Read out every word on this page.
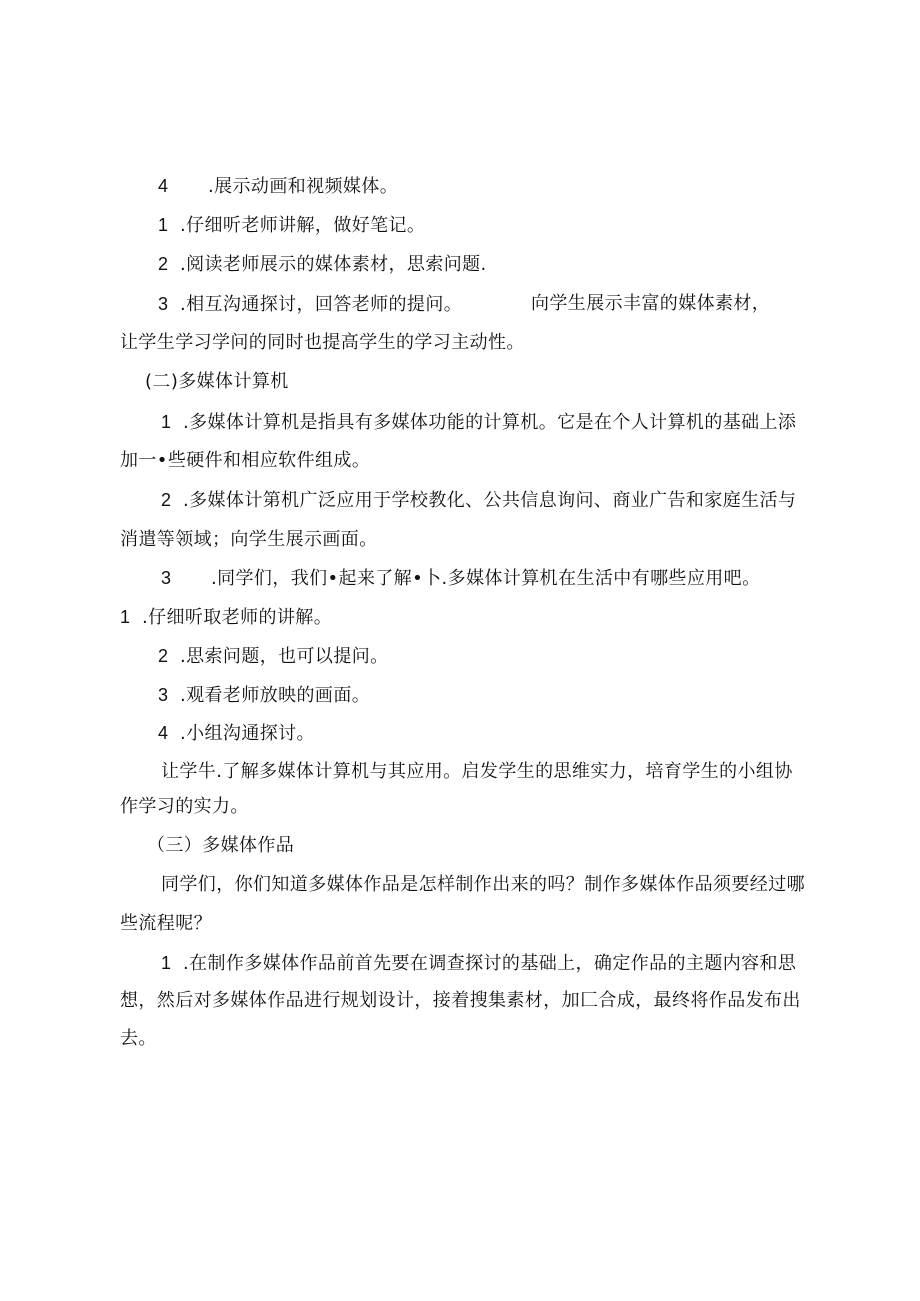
4 .展示动画和视频媒体。
1 .仔细听老师讲解，做好笔记。
2 .阅读老师展示的媒体素材，思索问题.
3 .相互沟通探讨，回答老师的提问。	向学生展示丰富的媒体素材，
让学生学习学问的同时也提高学生的学习主动性。
(二)多媒体计算机
1 .多媒体计算机是指具有多媒体功能的计算机。它是在个人计算机的基础上添
加一•些硬件和相应软件组成。
2 .多媒体计第机广泛应用于学校教化、公共信息询问、商业广告和家庭生活与
消遣等领域；向学生展示画面。
3 .同学们，我们•起来了解•卜.多媒体计算机在生活中有哪些应用吧。
1 .仔细听取老师的讲解。
2 .思索问题，也可以提问。
3 .观看老师放映的画面。
4 .小组沟通探讨。
让学牛.了解多媒体计算机与其应用。启发学生的思维实力，培育学生的小组协
作学习的实力。
（三）多媒体作品
同学们，你们知道多媒体作品是怎样制作出来的吗？制作多媒体作品须要经过哪
些流程呢？
1 .在制作多媒体作品前首先要在调查探讨的基础上，确定作品的主题内容和思
想，然后对多媒体作品进行规划设计，接着搜集素材，加匚合成，最终将作品发布出
去。
